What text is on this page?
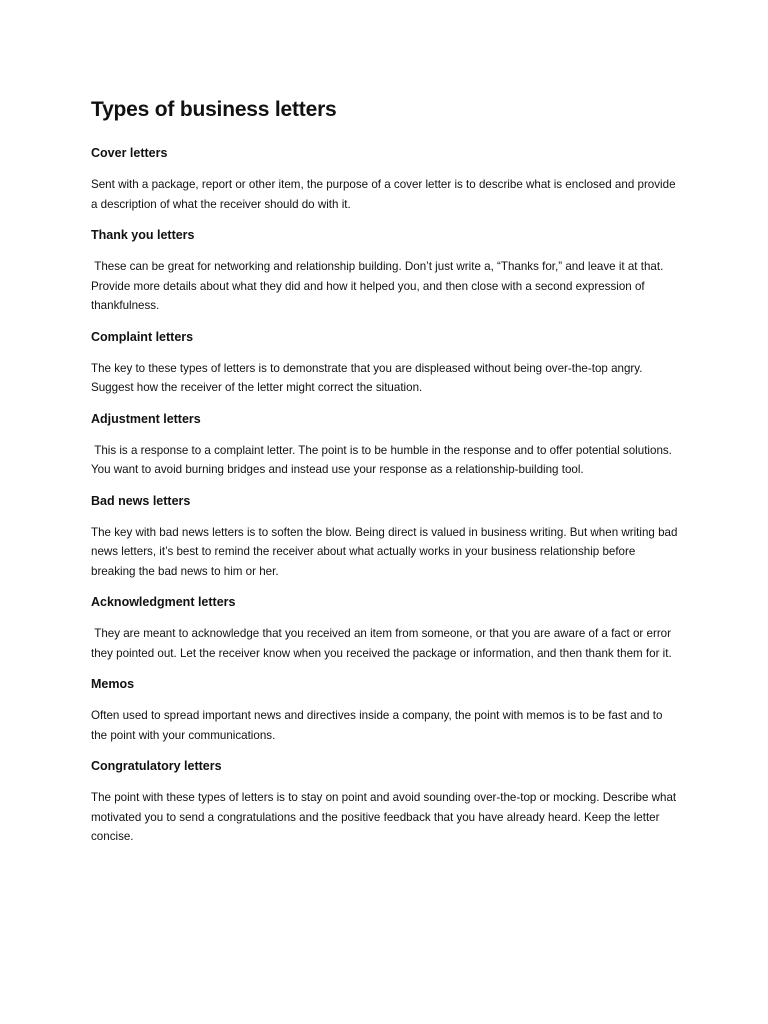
Types of business letters
Cover letters

Sent with a package, report or other item, the purpose of a cover letter is to describe what is enclosed and provide a description of what the receiver should do with it.

Thank you letters

These can be great for networking and relationship building. Don’t just write a, “Thanks for,” and leave it at that. Provide more details about what they did and how it helped you, and then close with a second expression of thankfulness.

Complaint letters

The key to these types of letters is to demonstrate that you are displeased without being over-the-top angry. Suggest how the receiver of the letter might correct the situation.

Adjustment letters

This is a response to a complaint letter. The point is to be humble in the response and to offer potential solutions. You want to avoid burning bridges and instead use your response as a relationship-building tool.

Bad news letters

The key with bad news letters is to soften the blow. Being direct is valued in business writing. But when writing bad news letters, it’s best to remind the receiver about what actually works in your business relationship before breaking the bad news to him or her.

Acknowledgment letters

They are meant to acknowledge that you received an item from someone, or that you are aware of a fact or error they pointed out. Let the receiver know when you received the package or information, and then thank them for it.

Memos

Often used to spread important news and directives inside a company, the point with memos is to be fast and to the point with your communications.

Congratulatory letters

The point with these types of letters is to stay on point and avoid sounding over-the-top or mocking. Describe what motivated you to send a congratulations and the positive feedback that you have already heard. Keep the letter concise.
